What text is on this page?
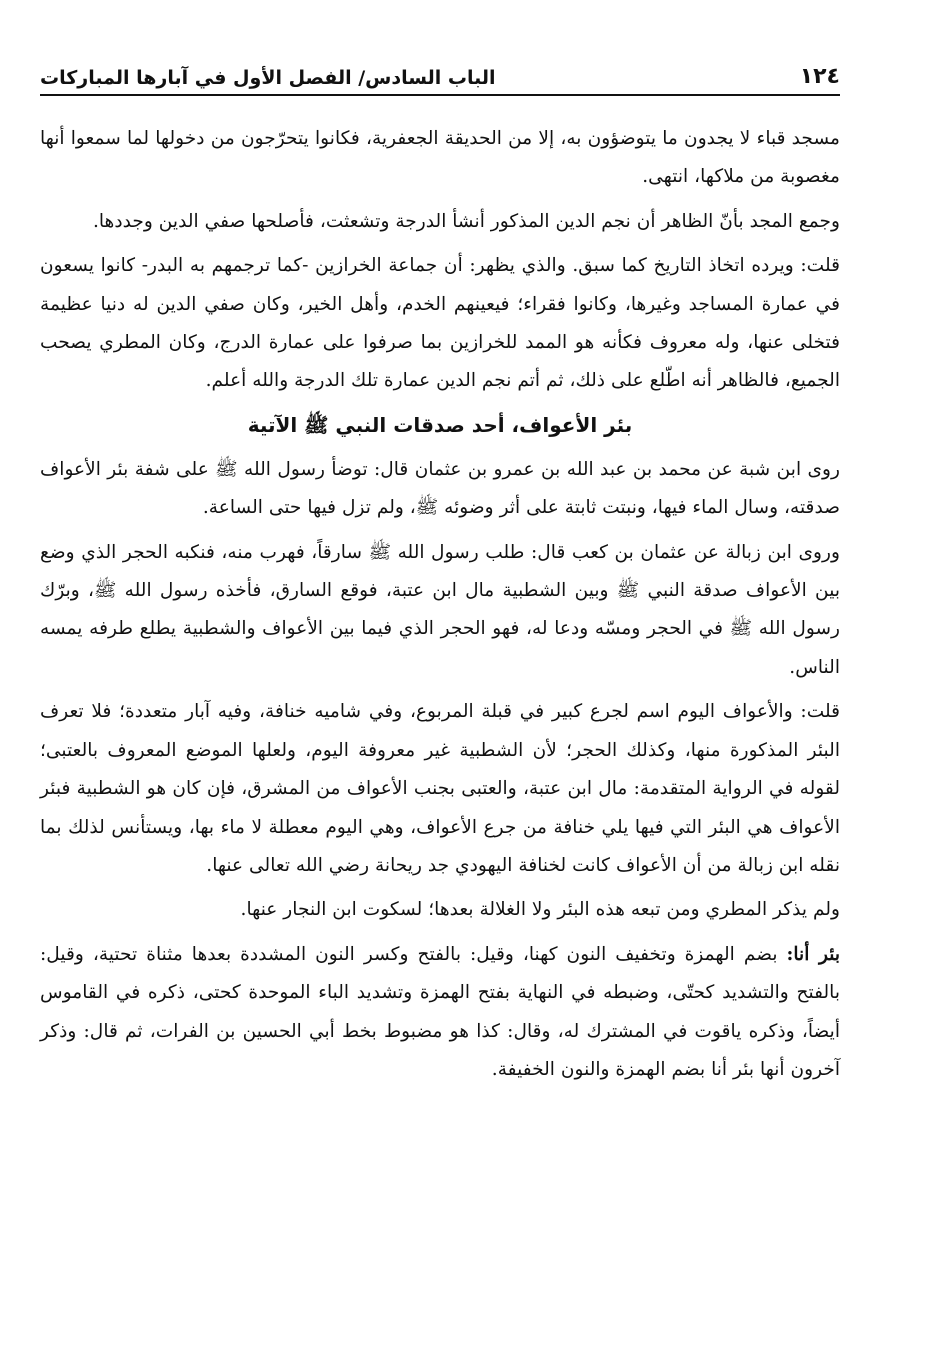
١٢٤
الباب السادس/ الفصل الأول في آبارها المباركات

مسجد قباء لا يجدون ما يتوضؤون به، إلا من الحديقة الجعفرية، فكانوا يتحرّجون من دخولها لما سمعوا أنها مغصوبة من ملاكها، انتهى.

وجمع المجد بأنّ الظاهر أن نجم الدين المذكور أنشأ الدرجة وتشعثت، فأصلحها صفي الدين وجددها.

قلت: ويرده اتخاذ التاريخ كما سبق. والذي يظهر: أن جماعة الخرازين -كما ترجمهم به البدر- كانوا يسعون في عمارة المساجد وغيرها، وكانوا فقراء؛ فيعينهم الخدم، وأهل الخير، وكان صفي الدين له دنيا عظيمة فتخلى عنها، وله معروف فكأنه هو الممد للخرازين بما صرفوا على عمارة الدرج، وكان المطري يصحب الجميع، فالظاهر أنه اطّلع على ذلك، ثم أتم نجم الدين عمارة تلك الدرجة والله أعلم.

بئر الأعواف، أحد صدقات النبي ﷺ الآتية

روى ابن شبة عن محمد بن عبد الله بن عمرو بن عثمان قال: توضأ رسول الله ﷺ على شفة بئر الأعواف صدقته، وسال الماء فيها، ونبتت ثابتة على أثر وضوئه ﷺ، ولم تزل فيها حتى الساعة.

وروى ابن زبالة عن عثمان بن كعب قال: طلب رسول الله ﷺ سارقاً، فهرب منه، فنكبه الحجر الذي وضع بين الأعواف صدقة النبي ﷺ وبين الشطبية مال ابن عتبة، فوقع السارق، فأخذه رسول الله ﷺ، وبرّك رسول الله ﷺ في الحجر ومسّه ودعا له، فهو الحجر الذي فيما بين الأعواف والشطبية يطلع طرفه يمسه الناس.

قلت: والأعواف اليوم اسم لجرع كبير في قبلة المربوع، وفي شاميه خنافة، وفيه آبار متعددة؛ فلا تعرف البئر المذكورة منها، وكذلك الحجر؛ لأن الشطبية غير معروفة اليوم، ولعلها الموضع المعروف بالعتبى؛ لقوله في الرواية المتقدمة: مال ابن عتبة، والعتبى بجنب الأعواف من المشرق، فإن كان هو الشطبية فبئر الأعواف هي البئر التي فيها يلي خنافة من جرع الأعواف، وهي اليوم معطلة لا ماء بها، ويستأنس لذلك بما نقله ابن زبالة من أن الأعواف كانت لخنافة اليهودي جد ريحانة رضي الله تعالى عنها.

ولم يذكر المطري ومن تبعه هذه البئر ولا الغلالة بعدها؛ لسكوت ابن النجار عنها.

بئر أنا: بضم الهمزة وتخفيف النون كهنا، وقيل: بالفتح وكسر النون المشددة بعدها مثناة تحتية، وقيل: بالفتح والتشديد كحتّى، وضبطه في النهاية بفتح الهمزة وتشديد الباء الموحدة كحتى، ذكره في القاموس أيضاً، وذكره ياقوت في المشترك له، وقال: كذا هو مضبوط بخط أبي الحسين بن الفرات، ثم قال: وذكر آخرون أنها بئر أنا بضم الهمزة والنون الخفيفة.
